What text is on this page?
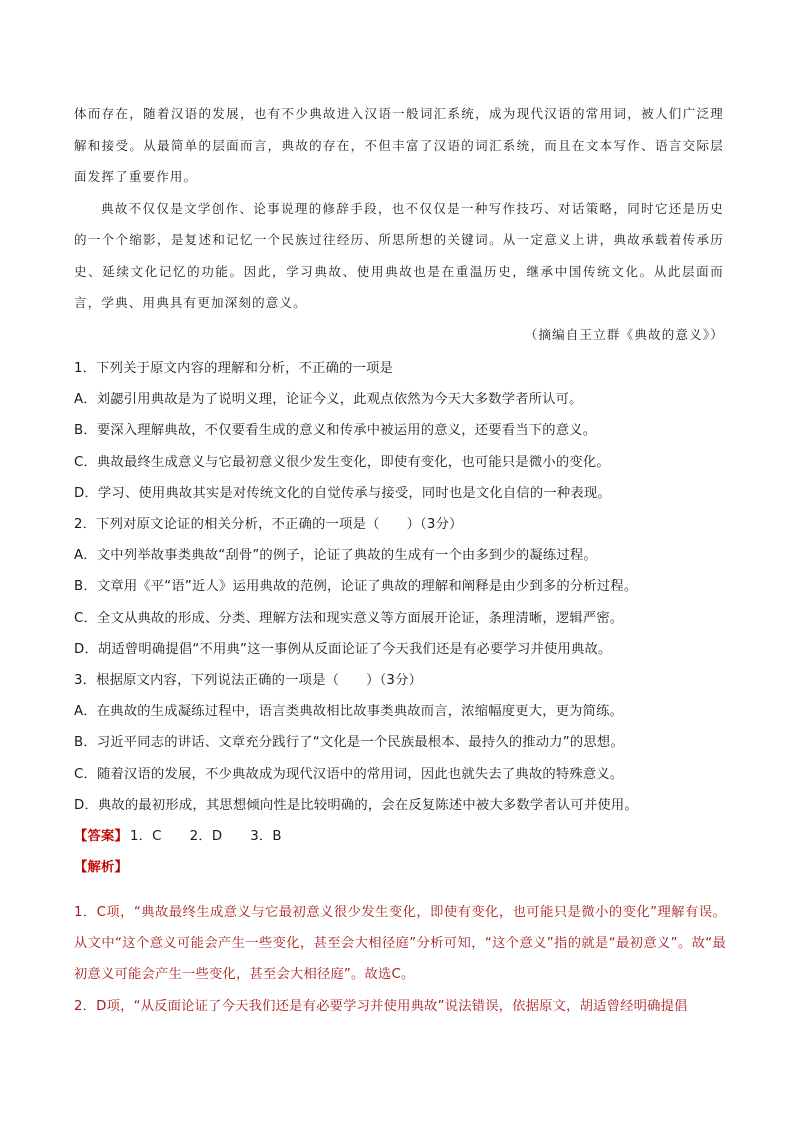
体而存在，随着汉语的发展，也有不少典故进入汉语一般词汇系统，成为现代汉语的常用词，被人们广泛理解和接受。从最简单的层面而言，典故的存在，不但丰富了汉语的词汇系统，而且在文本写作、语言交际层面发挥了重要作用。

典故不仅仅是文学创作、论事说理的修辞手段，也不仅仅是一种写作技巧、对话策略，同时它还是历史的一个个缩影，是复述和记忆一个民族过往经历、所思所想的关键词。从一定意义上讲，典故承载着传承历史、延续文化记忆的功能。因此，学习典故、使用典故也是在重温历史，继承中国传统文化。从此层面而言，学典、用典具有更加深刻的意义。

（摘编自王立群《典故的意义》）

1．下列关于原文内容的理解和分析，不正确的一项是
A．刘勰引用典故是为了说明义理，论证今义，此观点依然为今天大多数学者所认可。
B．要深入理解典故，不仅要看生成的意义和传承中被运用的意义，还要看当下的意义。
C．典故最终生成意义与它最初意义很少发生变化，即使有变化，也可能只是微小的变化。
D．学习、使用典故其实是对传统文化的自觉传承与接受，同时也是文化自信的一种表现。
2．下列对原文论证的相关分析，不正确的一项是（　　）（3分）
A．文中列举故事类典故“刮骨”的例子，论证了典故的生成有一个由多到少的凝练过程。
B．文章用《平“语”近人》运用典故的范例，论证了典故的理解和阐释是由少到多的分析过程。
C．全文从典故的形成、分类、理解方法和现实意义等方面展开论证，条理清晰，逻辑严密。
D．胡适曾明确提倡“不用典”这一事例从反面论证了今天我们还是有必要学习并使用典故。
3．根据原文内容，下列说法正确的一项是（　　）（3分）
A．在典故的生成凝练过程中，语言类典故相比故事类典故而言，浓缩幅度更大，更为简练。
B．习近平同志的讲话、文章充分践行了“文化是一个民族最根本、最持久的推动力”的思想。
C．随着汉语的发展，不少典故成为现代汉语中的常用词，因此也就失去了典故的特殊意义。
D．典故的最初形成，其思想倾向性是比较明确的，会在反复陈述中被大多数学者认可并使用。
【答案】 1．C 2．D 3．B
【解析】

1．C项，“典故最终生成意义与它最初意义很少发生变化，即使有变化，也可能只是微小的变化”理解有误。从文中“这个意义可能会产生一些变化，甚至会大相径庭”分析可知，“这个意义”指的就是“最初意义”。故“最初意义可能会产生一些变化，甚至会大相径庭”。故选C。

2．D项，“从反面论证了今天我们还是有必要学习并使用典故”说法错误，依据原文，胡适曾经明确提倡
